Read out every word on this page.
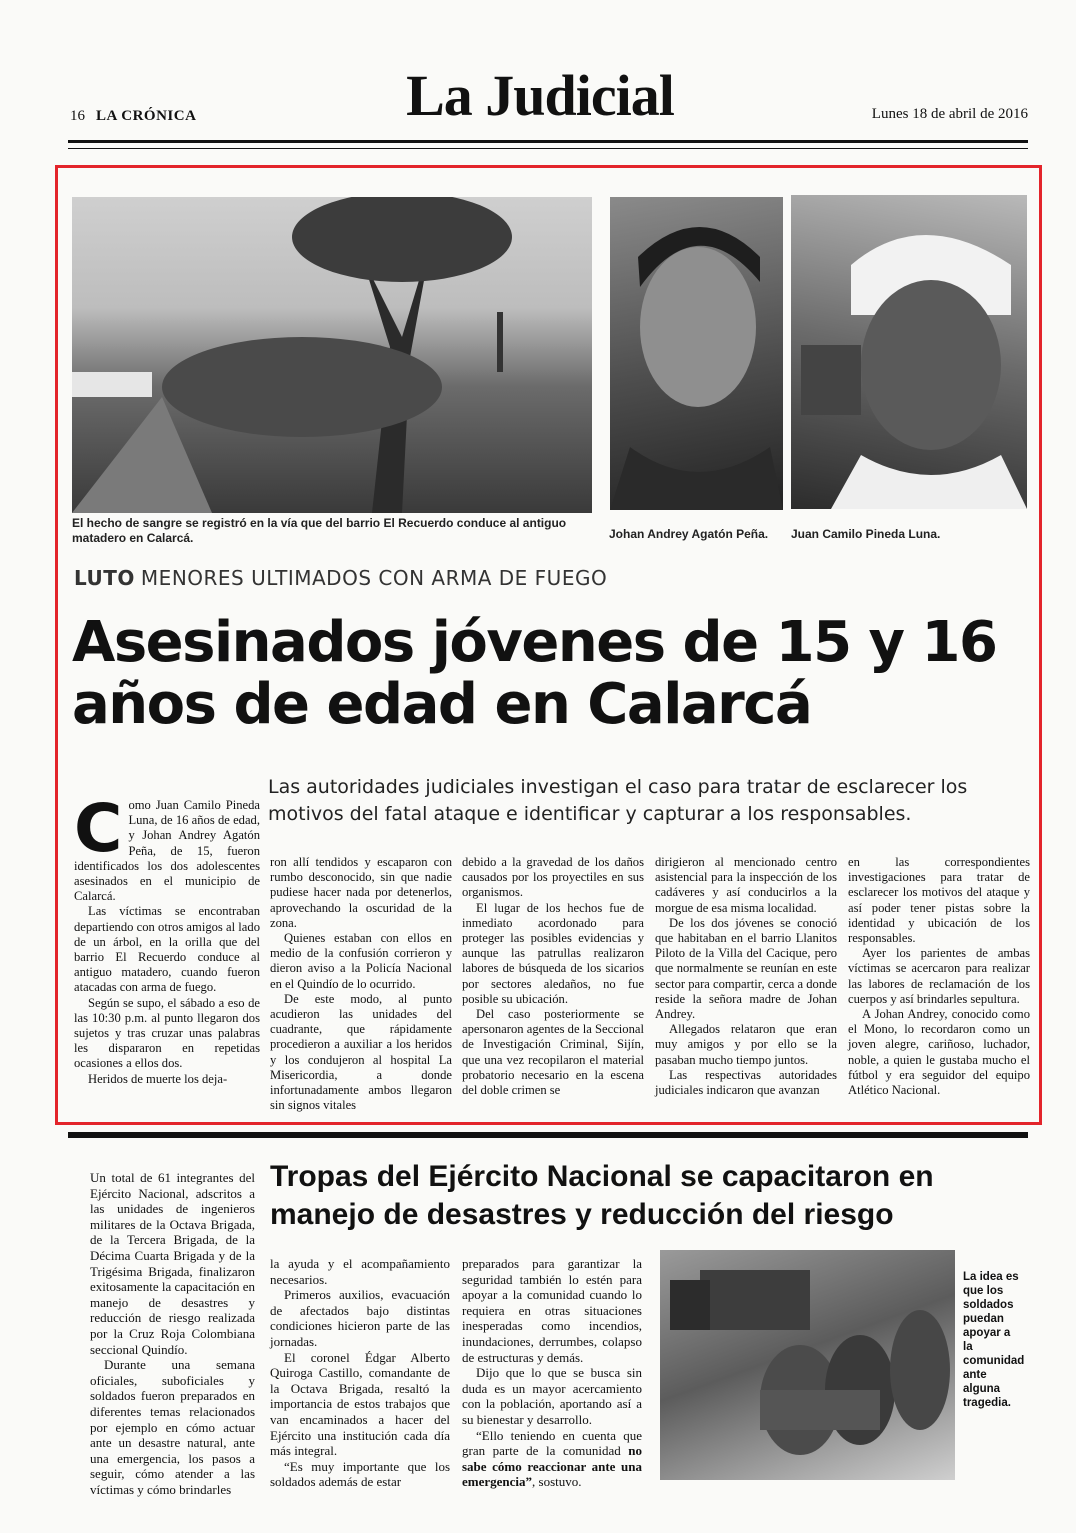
16 LA CRÓNICA	La Judicial	Lunes 18 de abril de 2016
El hecho de sangre se registró en la vía que del barrio El Recuerdo conduce al antiguo matadero en Calarcá.	Johan Andrey Agatón Peña.	Juan Camilo Pineda Luna.
LUTO MENORES ULTIMADOS CON ARMA DE FUEGO
Asesinados jóvenes de 15 y 16 años de edad en Calarcá
Las autoridades judiciales investigan el caso para tratar de esclarecer los motivos del fatal ataque e identificar y capturar a los responsables.
C omo Juan Camilo Pineda Luna, de 16 años de edad, y Johan Andrey Agatón Peña, de 15, fueron identificados los dos adolescentes asesinados en el municipio de Calarcá.

Las víctimas se encontraban departiendo con otros amigos al lado de un árbol, en la orilla que del barrio El Recuerdo conduce al antiguo matadero, cuando fueron atacadas con arma de fuego.

Según se supo, el sábado a eso de las 10:30 p.m. al punto llegaron dos sujetos y tras cruzar unas palabras les dispararon en repetidas ocasiones a ellos dos.

Heridos de muerte los deja-

ron allí tendidos y escaparon con rumbo desconocido, sin que nadie pudiese hacer nada por detenerlos, aprovechando la oscuridad de la zona.

Quienes estaban con ellos en medio de la confusión corrieron y dieron aviso a la Policía Nacional en el Quindío de lo ocurrido.

De este modo, al punto acudieron las unidades del cuadrante, que rápidamente procedieron a auxiliar a los heridos y los condujeron al hospital La Misericordia, a donde infortunadamente ambos llegaron sin signos vitales

debido a la gravedad de los daños causados por los proyectiles en sus organismos.

El lugar de los hechos fue de inmediato acordonado para proteger las posibles evidencias y aunque las patrullas realizaron labores de búsqueda de los sicarios por sectores aledaños, no fue posible su ubicación.

Del caso posteriormente se apersonaron agentes de la Seccional de Investigación Criminal, Sijín, que una vez recopilaron el material probatorio necesario en la escena del doble crimen se

dirigieron al mencionado centro asistencial para la inspección de los cadáveres y así conducirlos a la morgue de esa misma localidad.

De los dos jóvenes se conoció que habitaban en el barrio Llanitos Piloto de la Villa del Cacique, pero que normalmente se reunían en este sector para compartir, cerca a donde reside la señora madre de Johan Andrey.

Allegados relataron que eran muy amigos y por ello se la pasaban mucho tiempo juntos.

Las respectivas autoridades judiciales indicaron que avanzan

en las correspondientes investigaciones para tratar de esclarecer los motivos del ataque y así poder tener pistas sobre la identidad y ubicación de los responsables.

Ayer los parientes de ambas víctimas se acercaron para realizar las labores de reclamación de los cuerpos y así brindarles sepultura.

A Johan Andrey, conocido como el Mono, lo recordaron como un joven alegre, cariñoso, luchador, noble, a quien le gustaba mucho el fútbol y era seguidor del equipo Atlético Nacional.

Tropas del Ejército Nacional se capacitaron en manejo de desastres y reducción del riesgo

Un total de 61 integrantes del Ejército Nacional, adscritos a las unidades de ingenieros militares de la Octava Brigada, de la Tercera Brigada, de la Décima Cuarta Brigada y de la Trigésima Brigada, finalizaron exitosamente la capacitación en manejo de desastres y reducción de riesgo realizada por la Cruz Roja Colombiana seccional Quindío.

Durante una semana oficiales, suboficiales y soldados fueron preparados en diferentes temas relacionados por ejemplo en cómo actuar ante un desastre natural, ante una emergencia, los pasos a seguir, cómo atender a las víctimas y cómo brindarles

la ayuda y el acompañamiento necesarios.

Primeros auxilios, evacuación de afectados bajo distintas condiciones hicieron parte de las jornadas.

El coronel Édgar Alberto Quiroga Castillo, comandante de la Octava Brigada, resaltó la importancia de estos trabajos que van encaminados a hacer del Ejército una institución cada día más integral.

“Es muy importante que los soldados además de estar

preparados para garantizar la seguridad también lo estén para apoyar a la comunidad cuando lo requiera en otras situaciones inesperadas como incendios, inundaciones, derrumbes, colapso de estructuras y demás.

Dijo que lo que se busca sin duda es un mayor acercamiento con la población, aportando así a su bienestar y desarrollo.

“Ello teniendo en cuenta que gran parte de la comunidad no sabe cómo reaccionar ante una emergencia”, sostuvo.

La idea es que los soldados puedan apoyar a la comunidad ante alguna tragedia.
